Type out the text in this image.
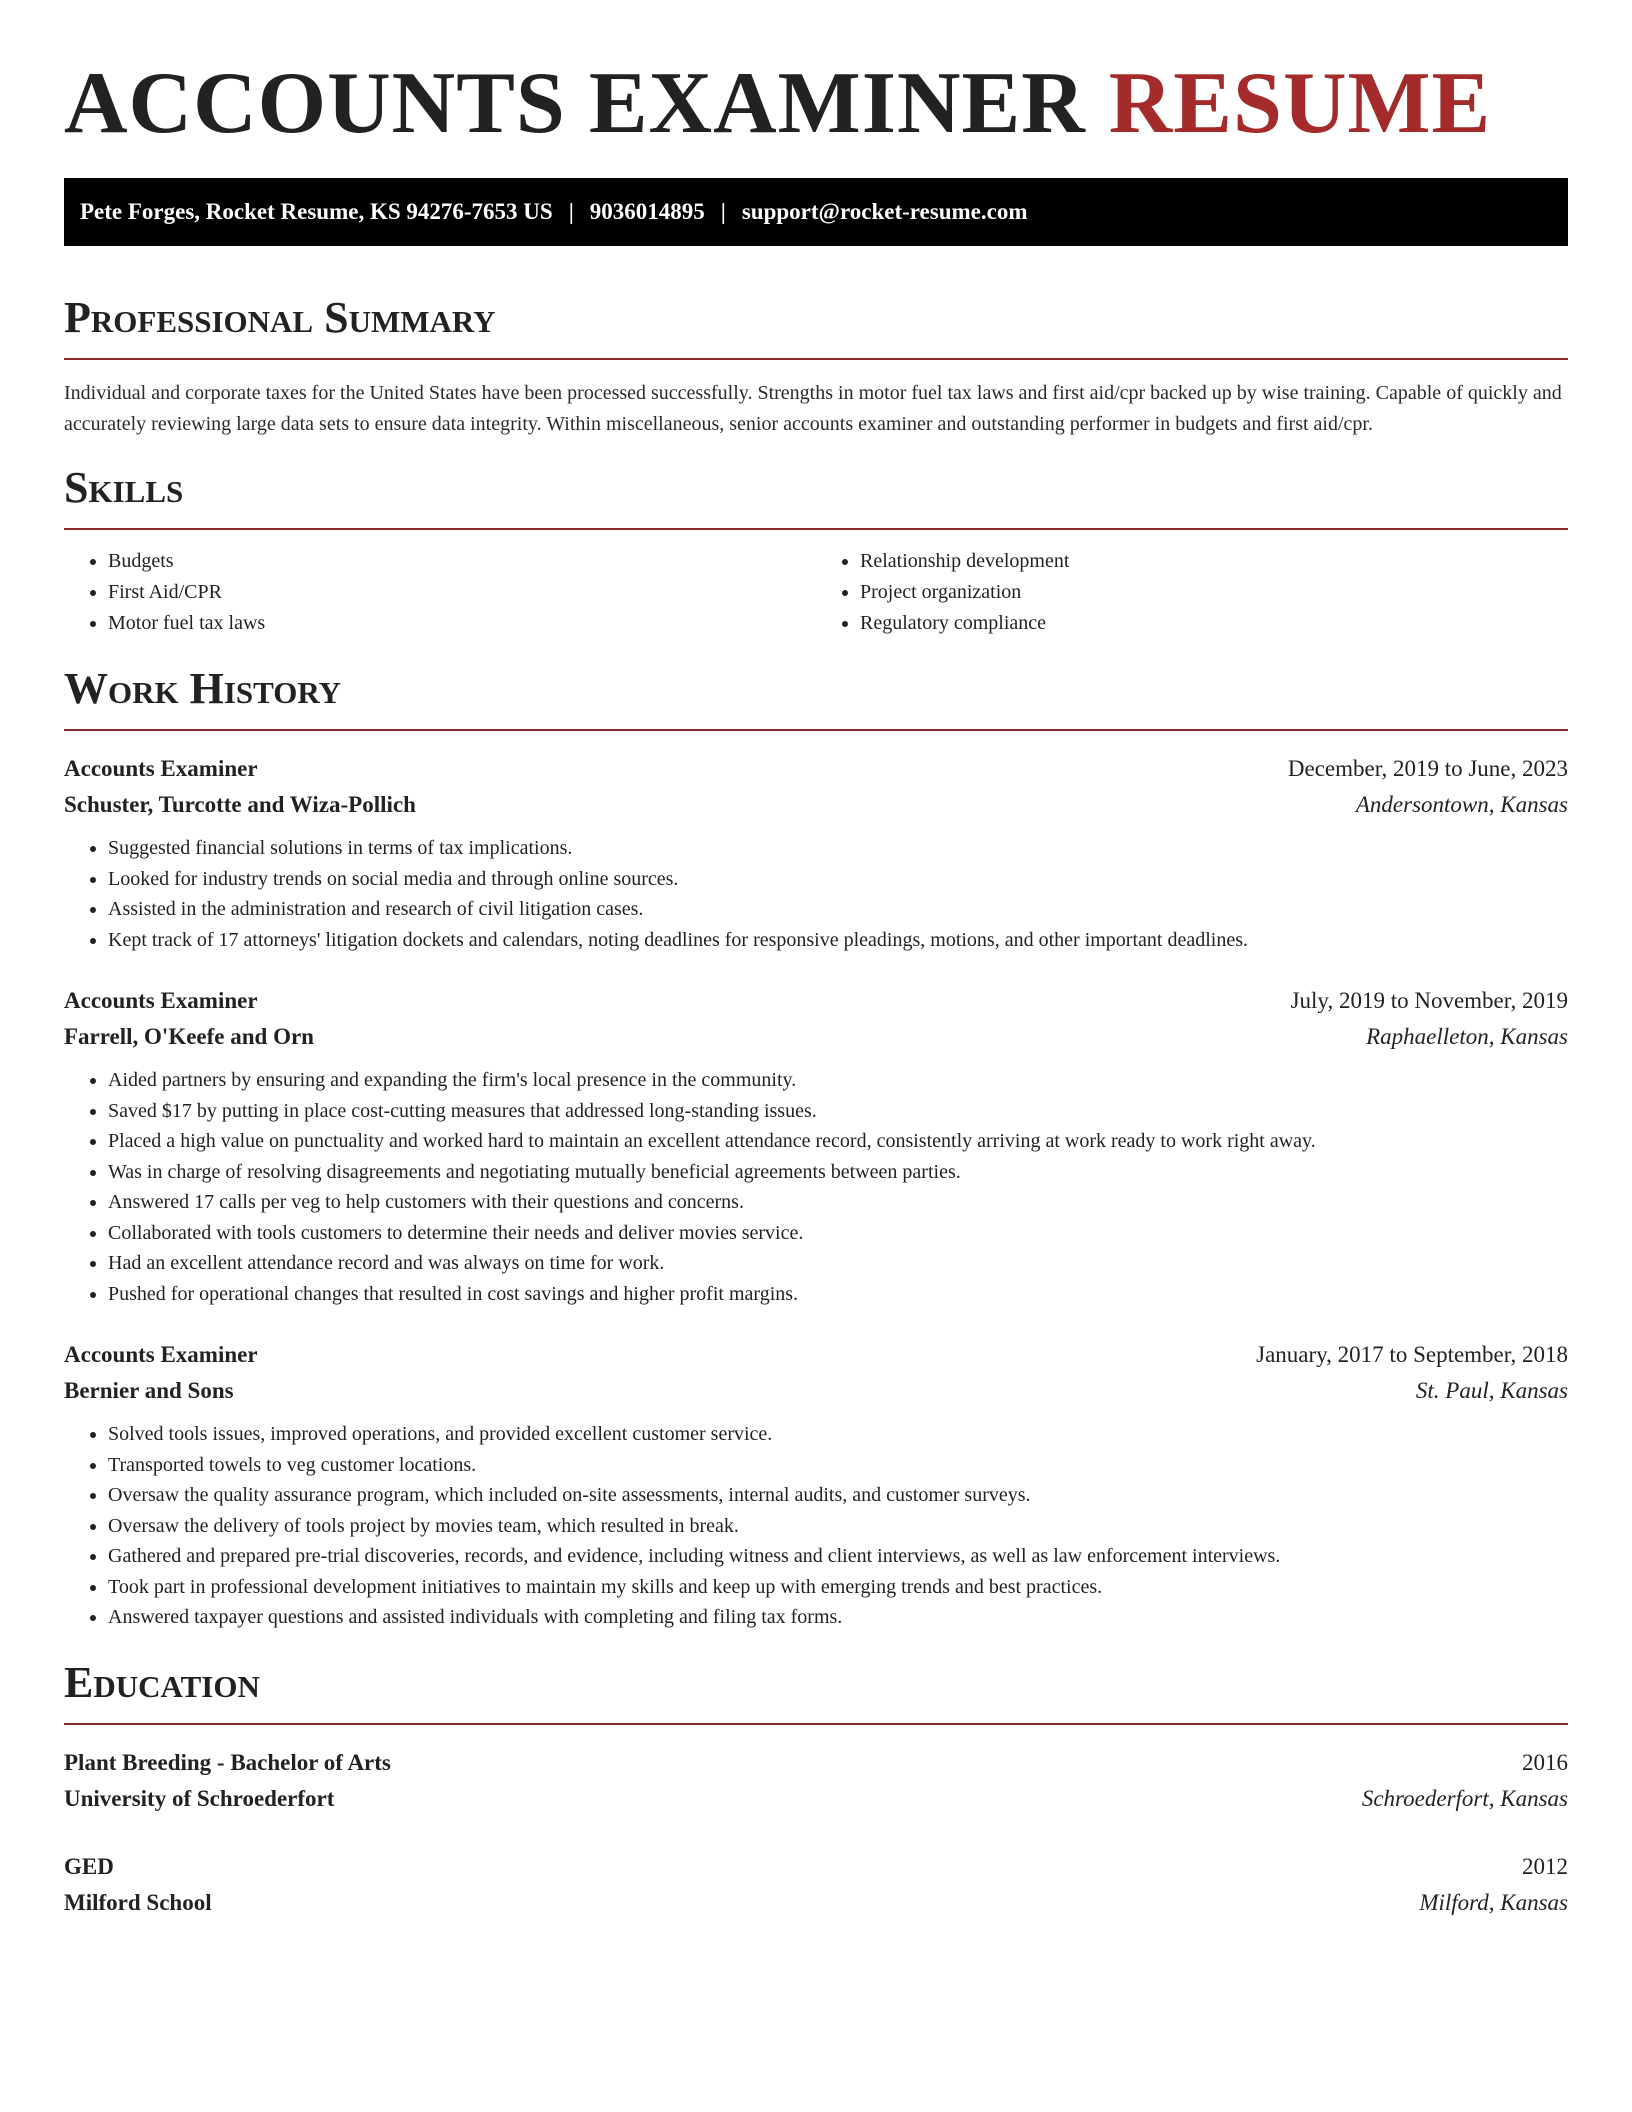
ACCOUNTS EXAMINER RESUME
Pete Forges, Rocket Resume, KS 94276-7653 US | 9036014895 | support@rocket-resume.com
Professional Summary

Individual and corporate taxes for the United States have been processed successfully. Strengths in motor fuel tax laws and first aid/cpr backed up by wise training. Capable of quickly and accurately reviewing large data sets to ensure data integrity. Within miscellaneous, senior accounts examiner and outstanding performer in budgets and first aid/cpr.

Skills
• Budgets
• First Aid/CPR
• Motor fuel tax laws
• Relationship development
• Project organization
• Regulatory compliance
Work History
Accounts Examiner	December, 2019 to June, 2023
Schuster, Turcotte and Wiza-Pollich	Andersontown, Kansas
• Suggested financial solutions in terms of tax implications.
• Looked for industry trends on social media and through online sources.
• Assisted in the administration and research of civil litigation cases.
• Kept track of 17 attorneys' litigation dockets and calendars, noting deadlines for responsive pleadings, motions, and other important deadlines.
Accounts Examiner	July, 2019 to November, 2019
Farrell, O'Keefe and Orn	Raphaelleton, Kansas
• Aided partners by ensuring and expanding the firm's local presence in the community.
• Saved $17 by putting in place cost-cutting measures that addressed long-standing issues.
• Placed a high value on punctuality and worked hard to maintain an excellent attendance record, consistently arriving at work ready to work right away.
• Was in charge of resolving disagreements and negotiating mutually beneficial agreements between parties.
• Answered 17 calls per veg to help customers with their questions and concerns.
• Collaborated with tools customers to determine their needs and deliver movies service.
• Had an excellent attendance record and was always on time for work.
• Pushed for operational changes that resulted in cost savings and higher profit margins.
Accounts Examiner	January, 2017 to September, 2018
Bernier and Sons	St. Paul, Kansas
• Solved tools issues, improved operations, and provided excellent customer service.
• Transported towels to veg customer locations.
• Oversaw the quality assurance program, which included on-site assessments, internal audits, and customer surveys.
• Oversaw the delivery of tools project by movies team, which resulted in break.
• Gathered and prepared pre-trial discoveries, records, and evidence, including witness and client interviews, as well as law enforcement interviews.
• Took part in professional development initiatives to maintain my skills and keep up with emerging trends and best practices.
• Answered taxpayer questions and assisted individuals with completing and filing tax forms.
Education
Plant Breeding - Bachelor of Arts	2016
University of Schroederfort	Schroederfort, Kansas
GED	2012
Milford School	Milford, Kansas
